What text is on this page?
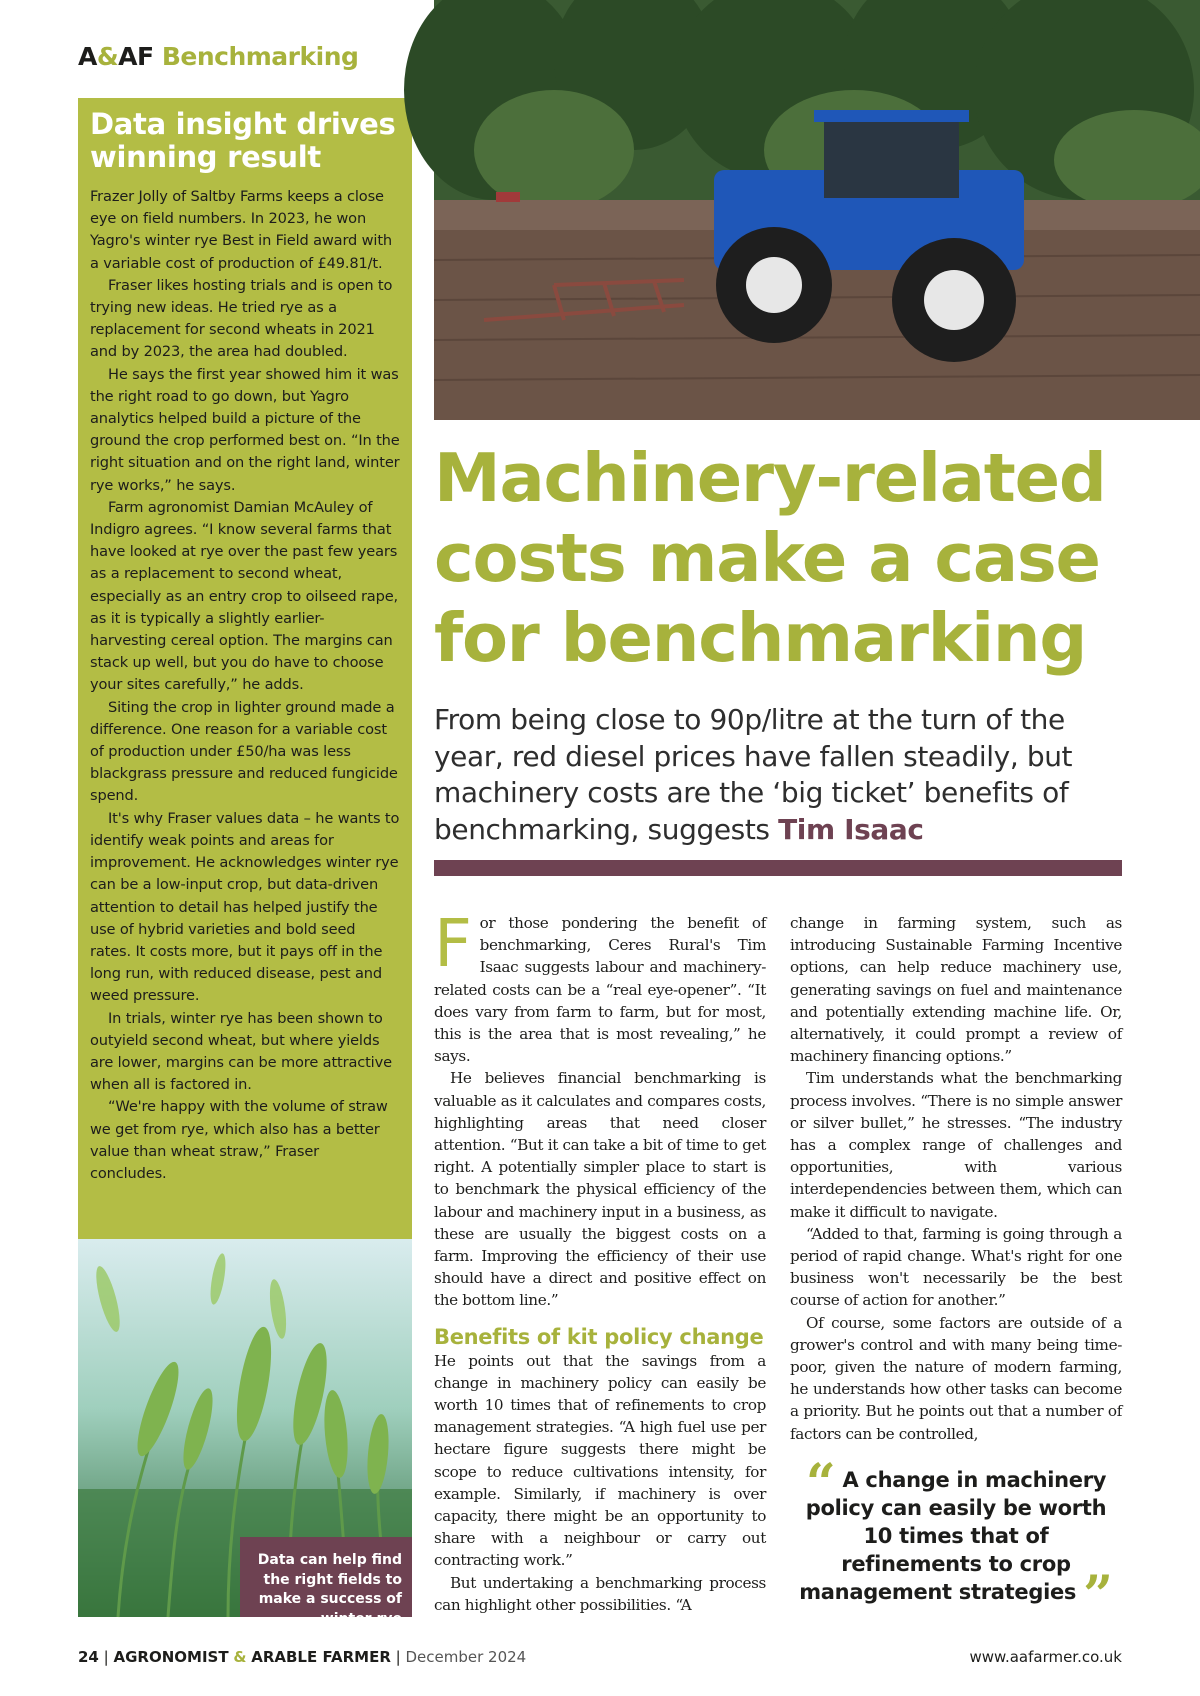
A&AF Benchmarking
Data insight drives winning result

Frazer Jolly of Saltby Farms keeps a close eye on field numbers. In 2023, he won Yagro's winter rye Best in Field award with a variable cost of production of £49.81/t.

Fraser likes hosting trials and is open to trying new ideas. He tried rye as a replacement for second wheats in 2021 and by 2023, the area had doubled.

He says the first year showed him it was the right road to go down, but Yagro analytics helped build a picture of the ground the crop performed best on. “In the right situation and on the right land, winter rye works,” he says.

Farm agronomist Damian McAuley of Indigro agrees. “I know several farms that have looked at rye over the past few years as a replacement to second wheat, especially as an entry crop to oilseed rape, as it is typically a slightly earlier-harvesting cereal option. The margins can stack up well, but you do have to choose your sites carefully,” he adds.

Siting the crop in lighter ground made a difference. One reason for a variable cost of production under £50/ha was less blackgrass pressure and reduced fungicide spend.

It's why Fraser values data – he wants to identify weak points and areas for improvement. He acknowledges winter rye can be a low-input crop, but data-driven attention to detail has helped justify the use of hybrid varieties and bold seed rates. It costs more, but it pays off in the long run, with reduced disease, pest and weed pressure.

In trials, winter rye has been shown to outyield second wheat, but where yields are lower, margins can be more attractive when all is factored in.

“We're happy with the volume of straw we get from rye, which also has a better value than wheat straw,” Fraser concludes.

Data can help find the right fields to make a success of winter rye
Machinery-related costs make a case for benchmarking
From being close to 90p/litre at the turn of the year, red diesel prices have fallen steadily, but machinery costs are the ‘big ticket’ benefits of benchmarking, suggests Tim Isaac

For those pondering the benefit of benchmarking, Ceres Rural's Tim Isaac suggests labour and machinery-related costs can be a “real eye-opener”. “It does vary from farm to farm, but for most, this is the area that is most revealing,” he says.

He believes financial benchmarking is valuable as it calculates and compares costs, highlighting areas that need closer attention. “But it can take a bit of time to get right. A potentially simpler place to start is to benchmark the physical efficiency of the labour and machinery input in a business, as these are usually the biggest costs on a farm. Improving the efficiency of their use should have a direct and positive effect on the bottom line.”

Benefits of kit policy change

He points out that the savings from a change in machinery policy can easily be worth 10 times that of refinements to crop management strategies. “A high fuel use per hectare figure suggests there might be scope to reduce cultivations intensity, for example. Similarly, if machinery is over capacity, there might be an opportunity to share with a neighbour or carry out contracting work.”

But undertaking a benchmarking process can highlight other possibilities. “A

change in farming system, such as introducing Sustainable Farming Incentive options, can help reduce machinery use, generating savings on fuel and maintenance and potentially extending machine life. Or, alternatively, it could prompt a review of machinery financing options.”

Tim understands what the benchmarking process involves. “There is no simple answer or silver bullet,” he stresses. “The industry has a complex range of challenges and opportunities, with various interdependencies between them, which can make it difficult to navigate.

“Added to that, farming is going through a period of rapid change. What's right for one business won't necessarily be the best course of action for another.”

Of course, some factors are outside of a grower's control and with many being time-poor, given the nature of modern farming, he understands how other tasks can become a priority. But he points out that a number of factors can be controlled,

“ A change in machinery policy can easily be worth 10 times that of refinements to crop management strategies ”
24 | AGRONOMIST & ARABLE FARMER | December 2024	www.aafarmer.co.uk
